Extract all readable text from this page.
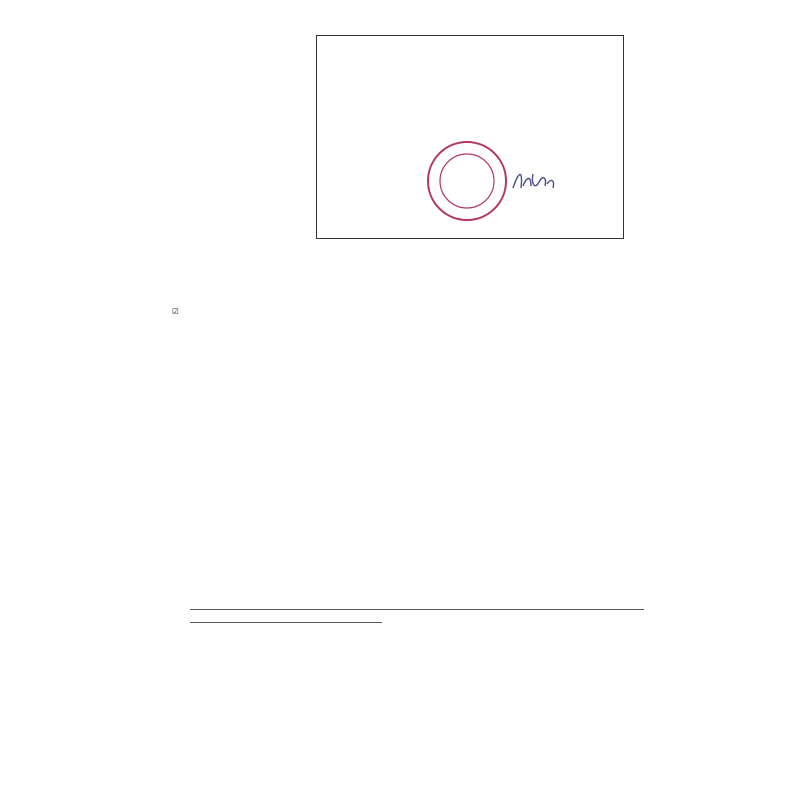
☑
